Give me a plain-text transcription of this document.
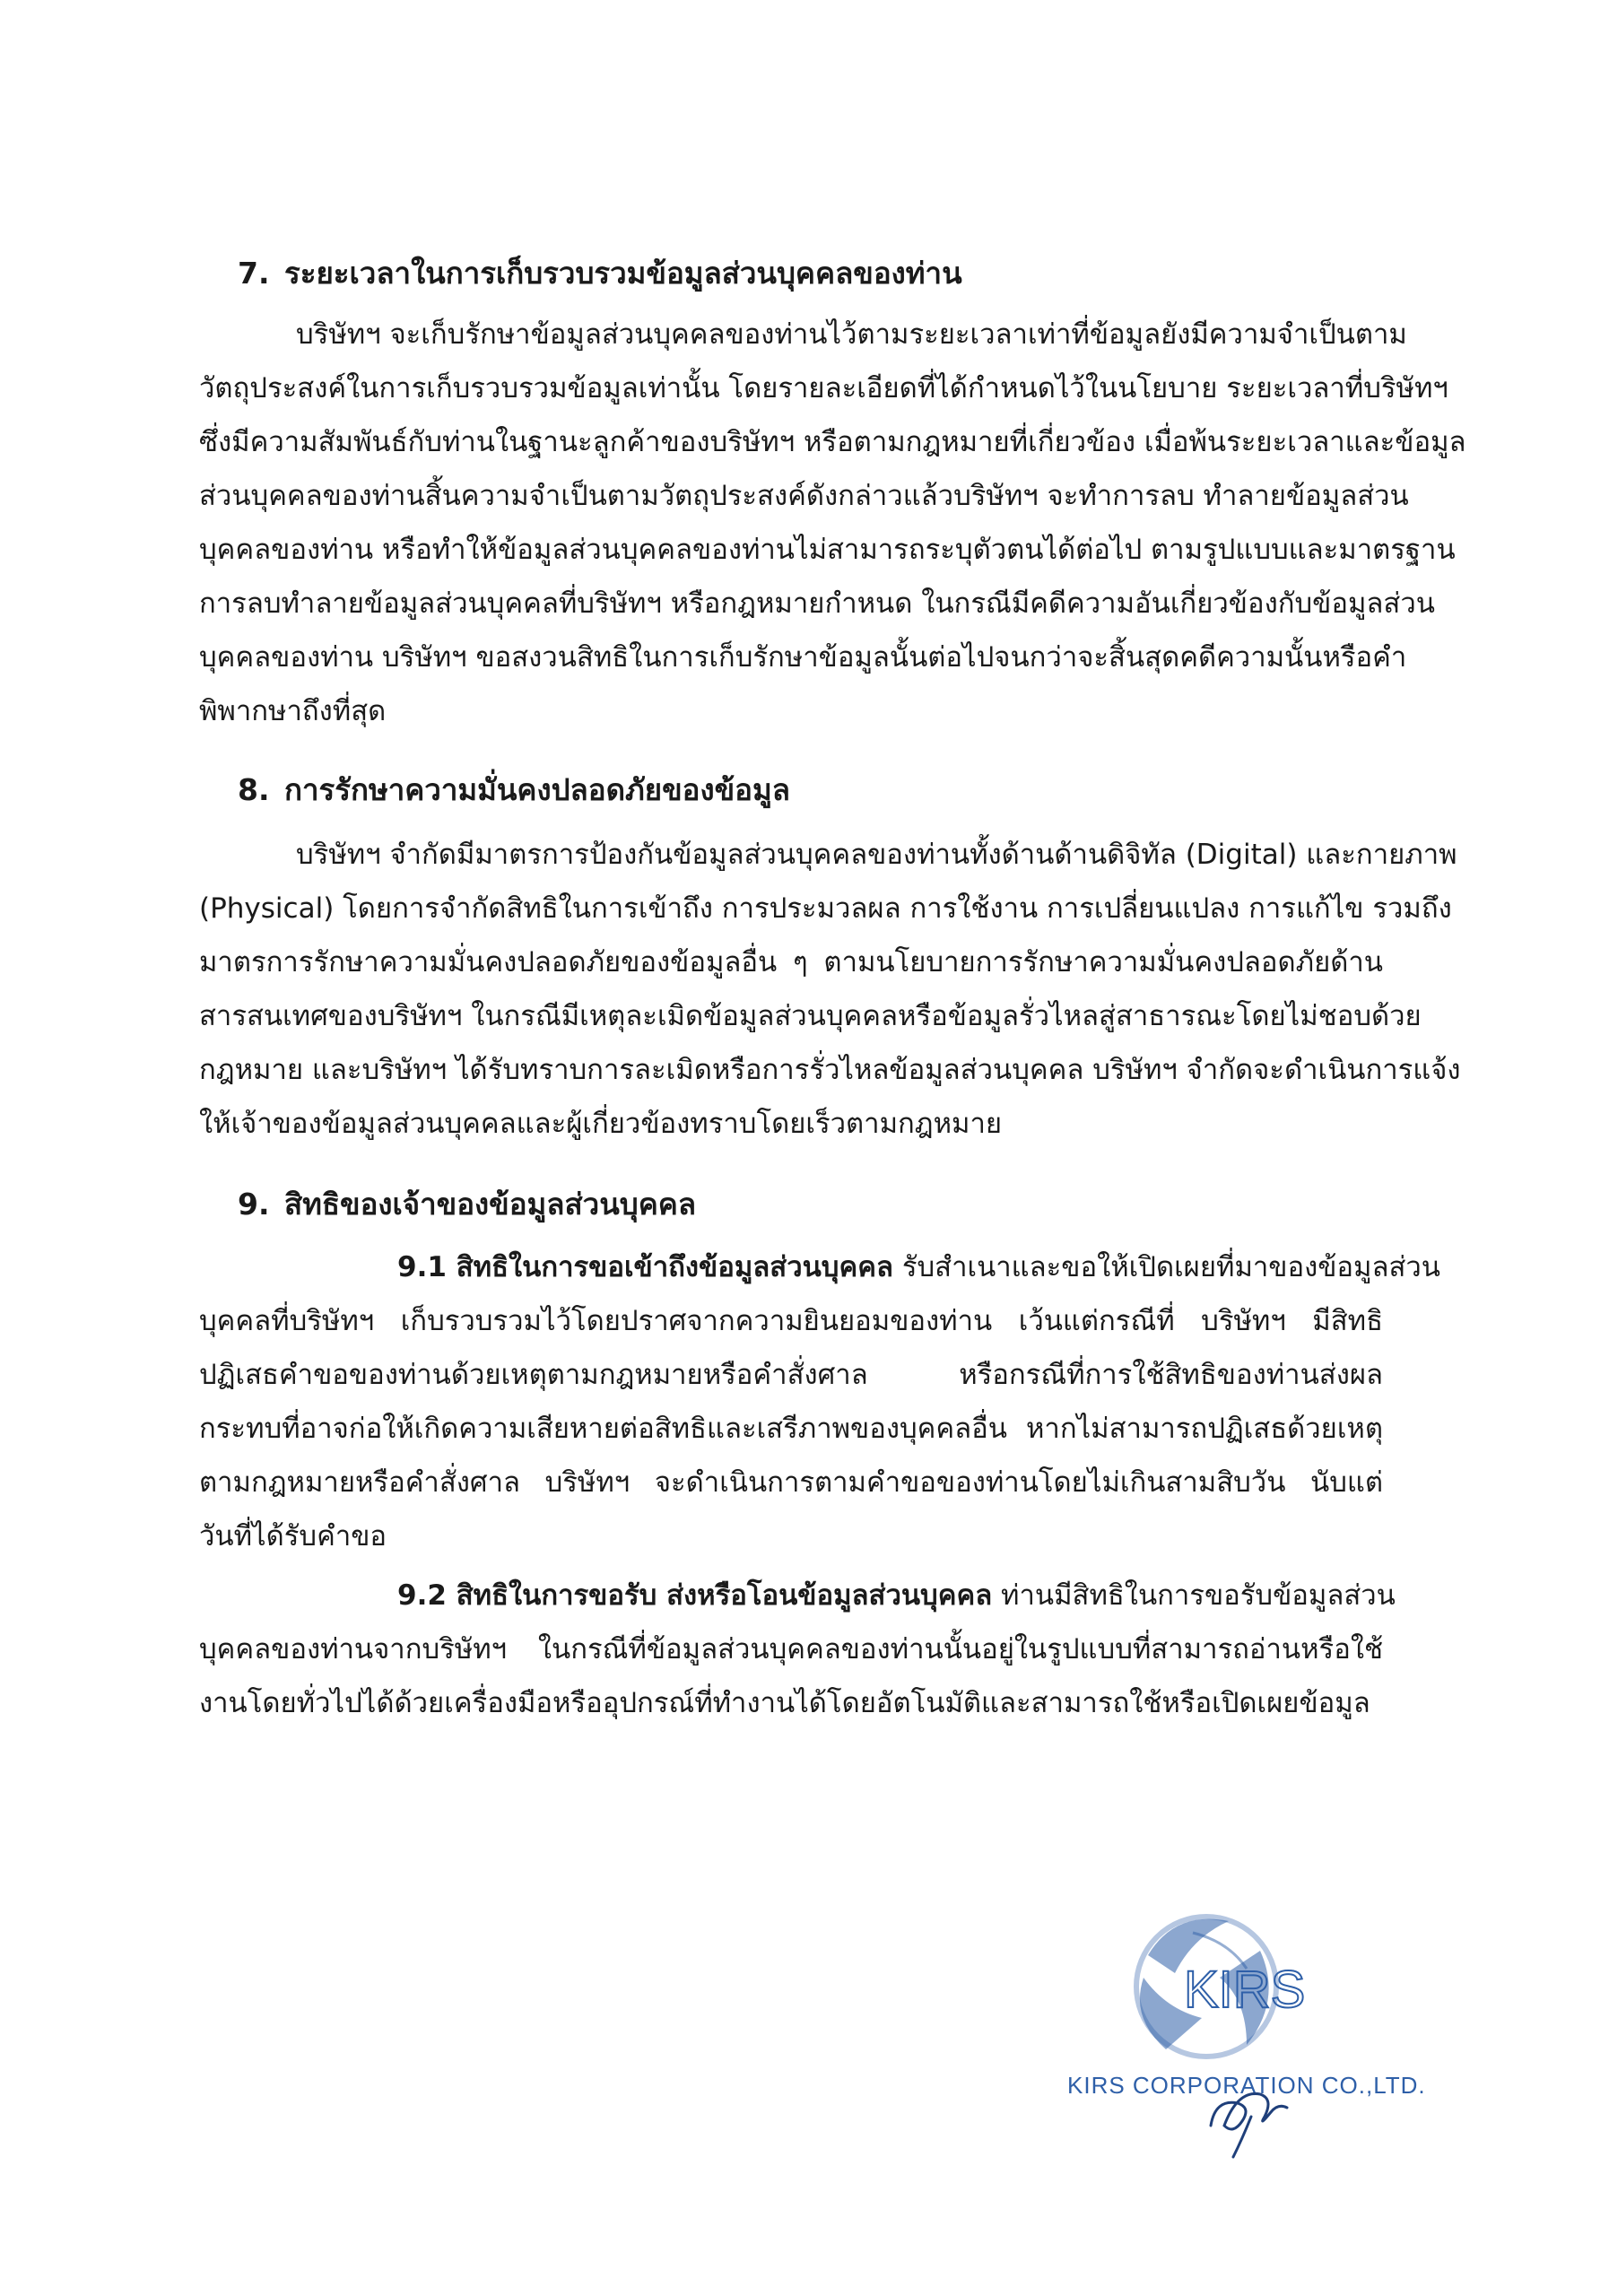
7. ระยะเวลาในการเก็บรวบรวมข้อมูลส่วนบุคคลของท่าน

บริษัทฯ จะเก็บรักษาข้อมูลส่วนบุคคลของท่านไว้ตามระยะเวลาเท่าที่ข้อมูลยังมีความจำเป็นตาม

วัตถุประสงค์ในการเก็บรวบรวมข้อมูลเท่านั้น โดยรายละเอียดที่ได้กำหนดไว้ในนโยบาย ระยะเวลาที่บริษัทฯ

ซึ่งมีความสัมพันธ์กับท่านในฐานะลูกค้าของบริษัทฯ หรือตามกฎหมายที่เกี่ยวข้อง เมื่อพ้นระยะเวลาและข้อมูล

ส่วนบุคคลของท่านสิ้นความจำเป็นตามวัตถุประสงค์ดังกล่าวแล้วบริษัทฯ จะทำการลบ ทำลายข้อมูลส่วน

บุคคลของท่าน หรือทำให้ข้อมูลส่วนบุคคลของท่านไม่สามารถระบุตัวตนได้ต่อไป ตามรูปแบบและมาตรฐาน

การลบทำลายข้อมูลส่วนบุคคลที่บริษัทฯ หรือกฎหมายกำหนด ในกรณีมีคดีความอันเกี่ยวข้องกับข้อมูลส่วน

บุคคลของท่าน บริษัทฯ ขอสงวนสิทธิในการเก็บรักษาข้อมูลนั้นต่อไปจนกว่าจะสิ้นสุดคดีความนั้นหรือคำ

พิพากษาถึงที่สุด

8. การรักษาความมั่นคงปลอดภัยของข้อมูล

บริษัทฯ จำกัดมีมาตรการป้องกันข้อมูลส่วนบุคคลของท่านทั้งด้านด้านดิจิทัล (Digital) และกายภาพ

(Physical) โดยการจำกัดสิทธิในการเข้าถึง การประมวลผล การใช้งาน การเปลี่ยนแปลง การแก้ไข รวมถึง

มาตรการรักษาความมั่นคงปลอดภัยของข้อมูลอื่น ๆ ตามนโยบายการรักษาความมั่นคงปลอดภัยด้าน

สารสนเทศของบริษัทฯ ในกรณีมีเหตุละเมิดข้อมูลส่วนบุคคลหรือข้อมูลรั่วไหลสู่สาธารณะโดยไม่ชอบด้วย

กฎหมาย และบริษัทฯ ได้รับทราบการละเมิดหรือการรั่วไหลข้อมูลส่วนบุคคล บริษัทฯ จำกัดจะดำเนินการแจ้ง

ให้เจ้าของข้อมูลส่วนบุคคลและผู้เกี่ยวข้องทราบโดยเร็วตามกฎหมาย

9. สิทธิของเจ้าของข้อมูลส่วนบุคคล

9.1 สิทธิในการขอเข้าถึงข้อมูลส่วนบุคคล รับสำเนาและขอให้เปิดเผยที่มาของข้อมูลส่วน

บุคคลที่บริษัทฯ เก็บรวบรวมไว้โดยปราศจากความยินยอมของท่าน เว้นแต่กรณีที่ บริษัทฯ มีสิทธิ

ปฏิเสธคำขอของท่านด้วยเหตุตามกฎหมายหรือคำสั่งศาล หรือกรณีที่การใช้สิทธิของท่านส่งผล

กระทบที่อาจก่อให้เกิดความเสียหายต่อสิทธิและเสรีภาพของบุคคลอื่น หากไม่สามารถปฏิเสธด้วยเหตุ

ตามกฎหมายหรือคำสั่งศาล บริษัทฯ จะดำเนินการตามคำขอของท่านโดยไม่เกินสามสิบวัน นับแต่

วันที่ได้รับคำขอ

9.2 สิทธิในการขอรับ ส่งหรือโอนข้อมูลส่วนบุคคล ท่านมีสิทธิในการขอรับข้อมูลส่วน

บุคคลของท่านจากบริษัทฯ ในกรณีที่ข้อมูลส่วนบุคคลของท่านนั้นอยู่ในรูปแบบที่สามารถอ่านหรือใช้

งานโดยทั่วไปได้ด้วยเครื่องมือหรืออุปกรณ์ที่ทำงานได้โดยอัตโนมัติและสามารถใช้หรือเปิดเผยข้อมูล

KIRS
KIRS CORPORATION CO.,LTD.
